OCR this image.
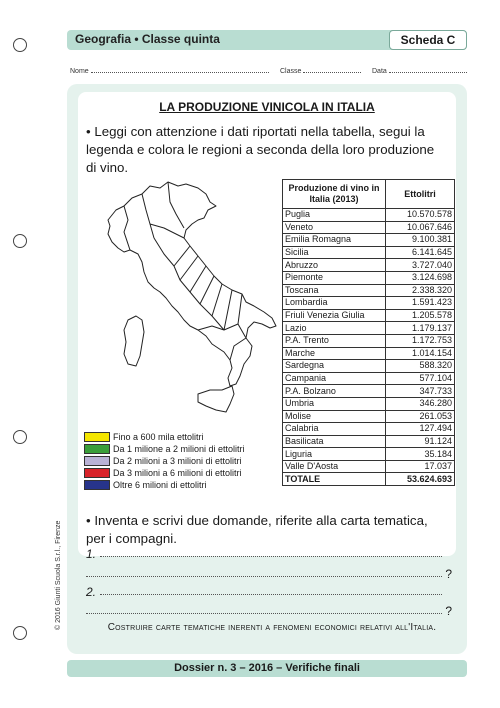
Geografia • Classe quinta	Scheda C
Nome	Classe	Data
LA PRODUZIONE VINICOLA IN ITALIA
• Leggi con attenzione i dati riportati nella tabella, segui la legenda e colora le regioni a seconda della loro produzione di vino.
Produzione di vino in Italia (2013)	Ettolitri
Puglia	10.570.578
Veneto	10.067.646
Emilia Romagna	9.100.381
Sicilia	6.141.645
Abruzzo	3.727.040
Piemonte	3.124.698
Toscana	2.338.320
Lombardia	1.591.423
Friuli Venezia Giulia	1.205.578
Lazio	1.179.137
P.A. Trento	1.172.753
Marche	1.014.154
Sardegna	588.320
Campania	577.104
P.A. Bolzano	347.733
Umbria	346.280
Molise	261.053
Calabria	127.494
Basilicata	91.124
Liguria	35.184
Valle D'Aosta	17.037
TOTALE	53.624.693
Fino a 600 mila ettolitri
Da 1 milione a 2 milioni di ettolitri
Da 2 milioni a 3 milioni di ettolitri
Da 3 milioni a 6 milioni di ettolitri
Oltre 6 milioni di ettolitri
• Inventa e scrivi due domande, riferite alla carta tematica, per i compagni.
1.
?
2.
?
Costruire carte tematiche inerenti a fenomeni economici relativi all'Italia.
Dossier n. 3 – 2016 – Verifiche finali
© 2016 Giunti Scuola S.r.l., Firenze
